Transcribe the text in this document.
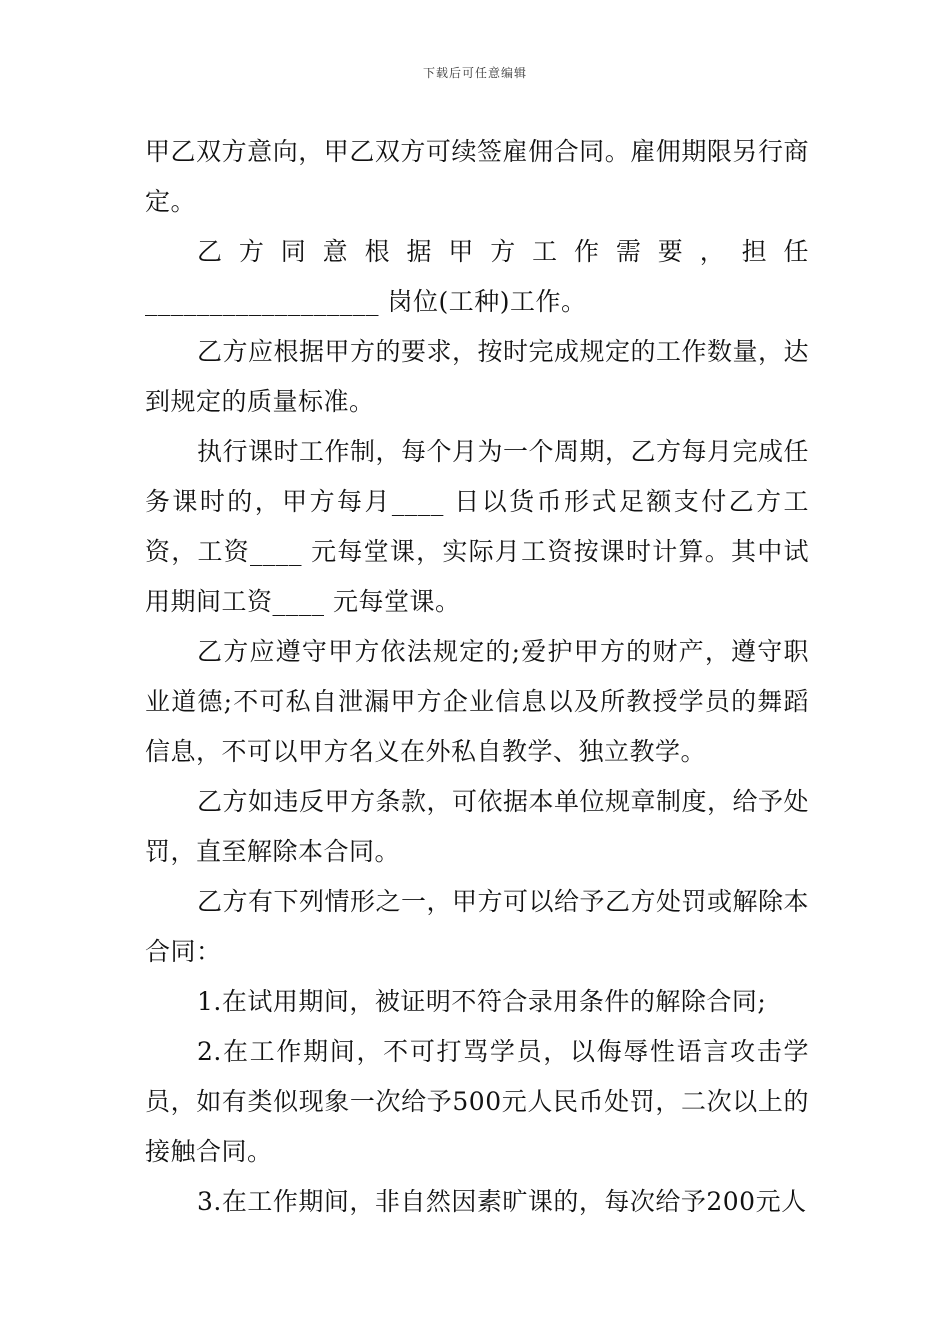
下载后可任意编辑

甲乙双方意向，甲乙双方可续签雇佣合同。雇佣期限另行商定。

乙方同意根据甲方工作需要，担任__________________ 岗位(工种)工作。

乙方应根据甲方的要求，按时完成规定的工作数量，达到规定的质量标准。

执行课时工作制，每个月为一个周期，乙方每月完成任务课时的，甲方每月____ 日以货币形式足额支付乙方工资，工资____ 元每堂课，实际月工资按课时计算。其中试用期间工资____ 元每堂课。

乙方应遵守甲方依法规定的;爱护甲方的财产，遵守职业道德;不可私自泄漏甲方企业信息以及所教授学员的舞蹈信息，不可以甲方名义在外私自教学、独立教学。

乙方如违反甲方条款，可依据本单位规章制度，给予处罚，直至解除本合同。

乙方有下列情形之一，甲方可以给予乙方处罚或解除本合同：

1.在试用期间，被证明不符合录用条件的解除合同;

2.在工作期间，不可打骂学员，以侮辱性语言攻击学员，如有类似现象一次给予500元人民币处罚，二次以上的接触合同。

3.在工作期间，非自然因素旷课的，每次给予200元人
